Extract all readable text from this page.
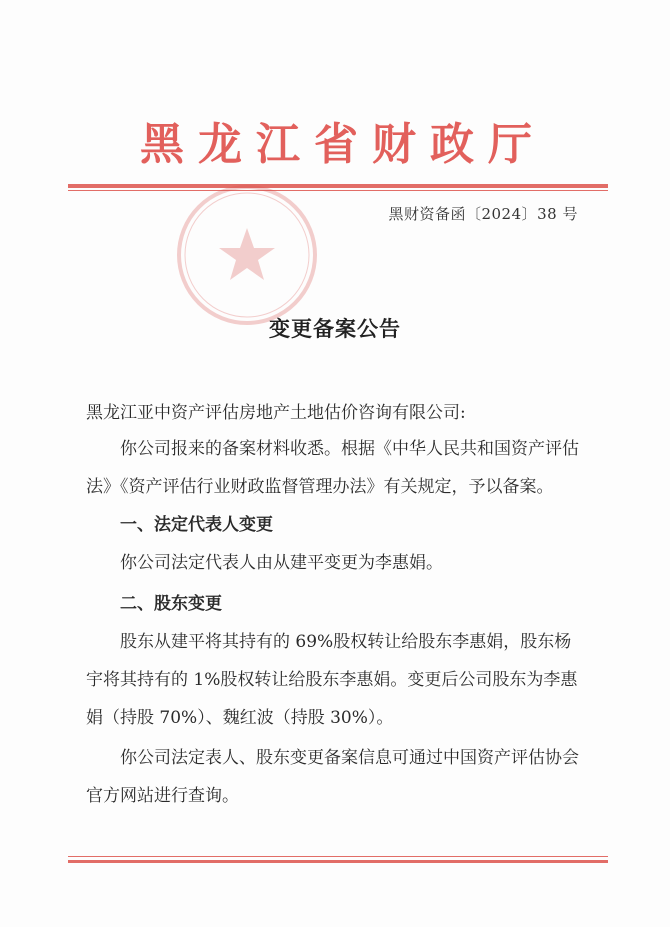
黑龙江省财政厅
黑财资备函〔2024〕38 号
变更备案公告
黑龙江亚中资产评估房地产土地估价咨询有限公司:
你公司报来的备案材料收悉。根据《中华人民共和国资产评估法》《资产评估行业财政监督管理办法》有关规定，予以备案。
一、法定代表人变更
你公司法定代表人由从建平变更为李惠娟。
二、股东变更
股东从建平将其持有的 69%股权转让给股东李惠娟，股东杨宇将其持有的 1%股权转让给股东李惠娟。变更后公司股东为李惠娟（持股 70%）、魏红波（持股 30%）。
你公司法定表人、股东变更备案信息可通过中国资产评估协会官方网站进行查询。
